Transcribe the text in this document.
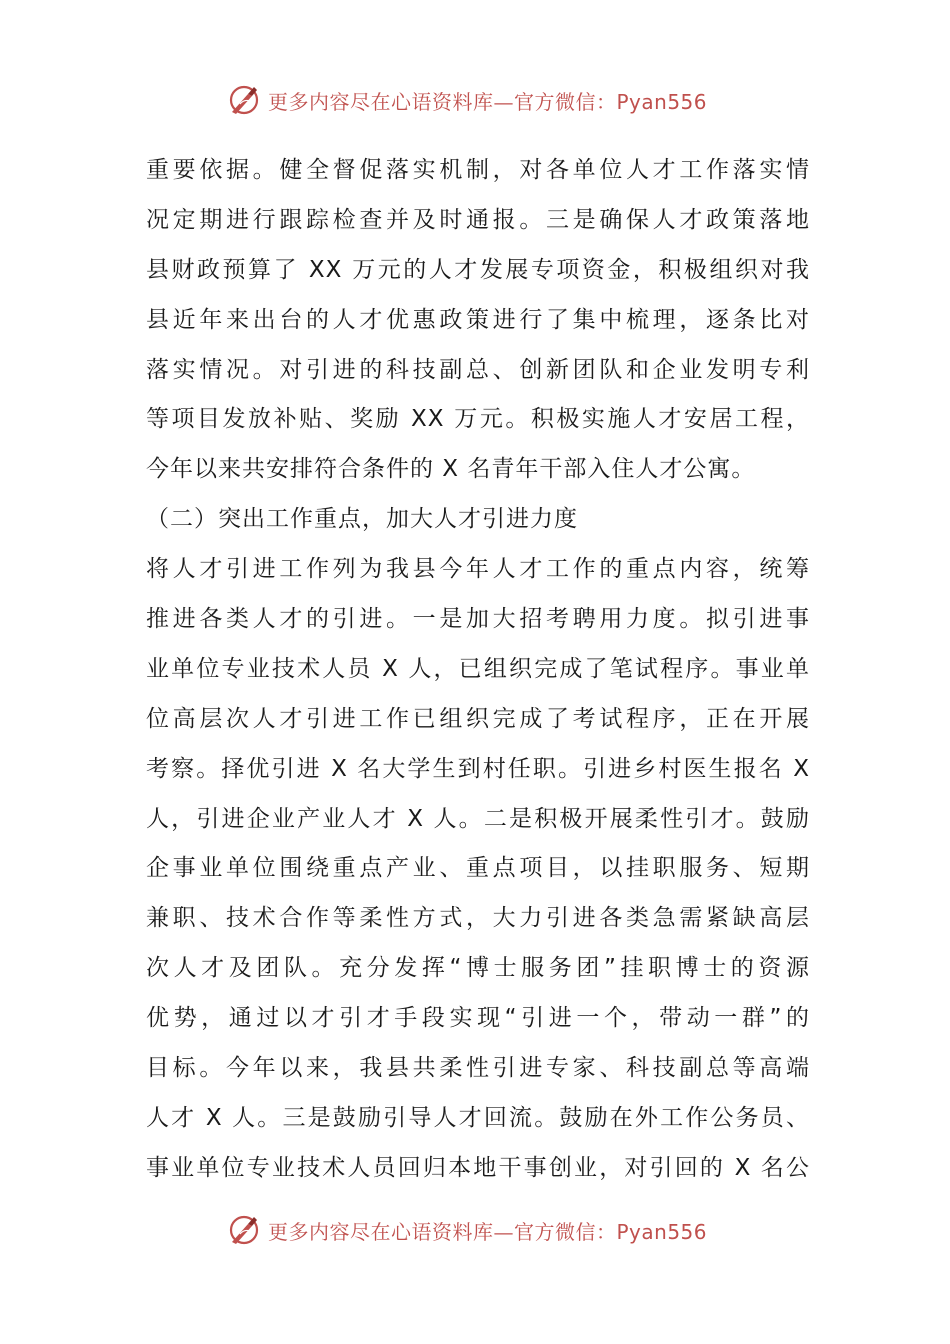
更多内容尽在心语资料库—官方微信：Pyan556
重要依据。健全督促落实机制，对各单位人才工作落实情
况定期进行跟踪检查并及时通报。三是确保人才政策落地
县财政预算了 XX 万元的人才发展专项资金，积极组织对我
县近年来出台的人才优惠政策进行了集中梳理，逐条比对
落实情况。对引进的科技副总、创新团队和企业发明专利
等项目发放补贴、奖励 XX 万元。积极实施人才安居工程，
今年以来共安排符合条件的 X 名青年干部入住人才公寓。
（二）突出工作重点，加大人才引进力度
将人才引进工作列为我县今年人才工作的重点内容，统筹
推进各类人才的引进。一是加大招考聘用力度。拟引进事
业单位专业技术人员 X 人，已组织完成了笔试程序。事业单
位高层次人才引进工作已组织完成了考试程序，正在开展
考察。择优引进 X 名大学生到村任职。引进乡村医生报名 X
人，引进企业产业人才 X 人。二是积极开展柔性引才。鼓励
企事业单位围绕重点产业、重点项目，以挂职服务、短期
兼职、技术合作等柔性方式，大力引进各类急需紧缺高层
次人才及团队。充分发挥“博士服务团”挂职博士的资源
优势，通过以才引才手段实现“引进一个，带动一群”的
目标。今年以来，我县共柔性引进专家、科技副总等高端
人才 X 人。三是鼓励引导人才回流。鼓励在外工作公务员、
事业单位专业技术人员回归本地干事创业，对引回的 X 名公
更多内容尽在心语资料库—官方微信：Pyan556
